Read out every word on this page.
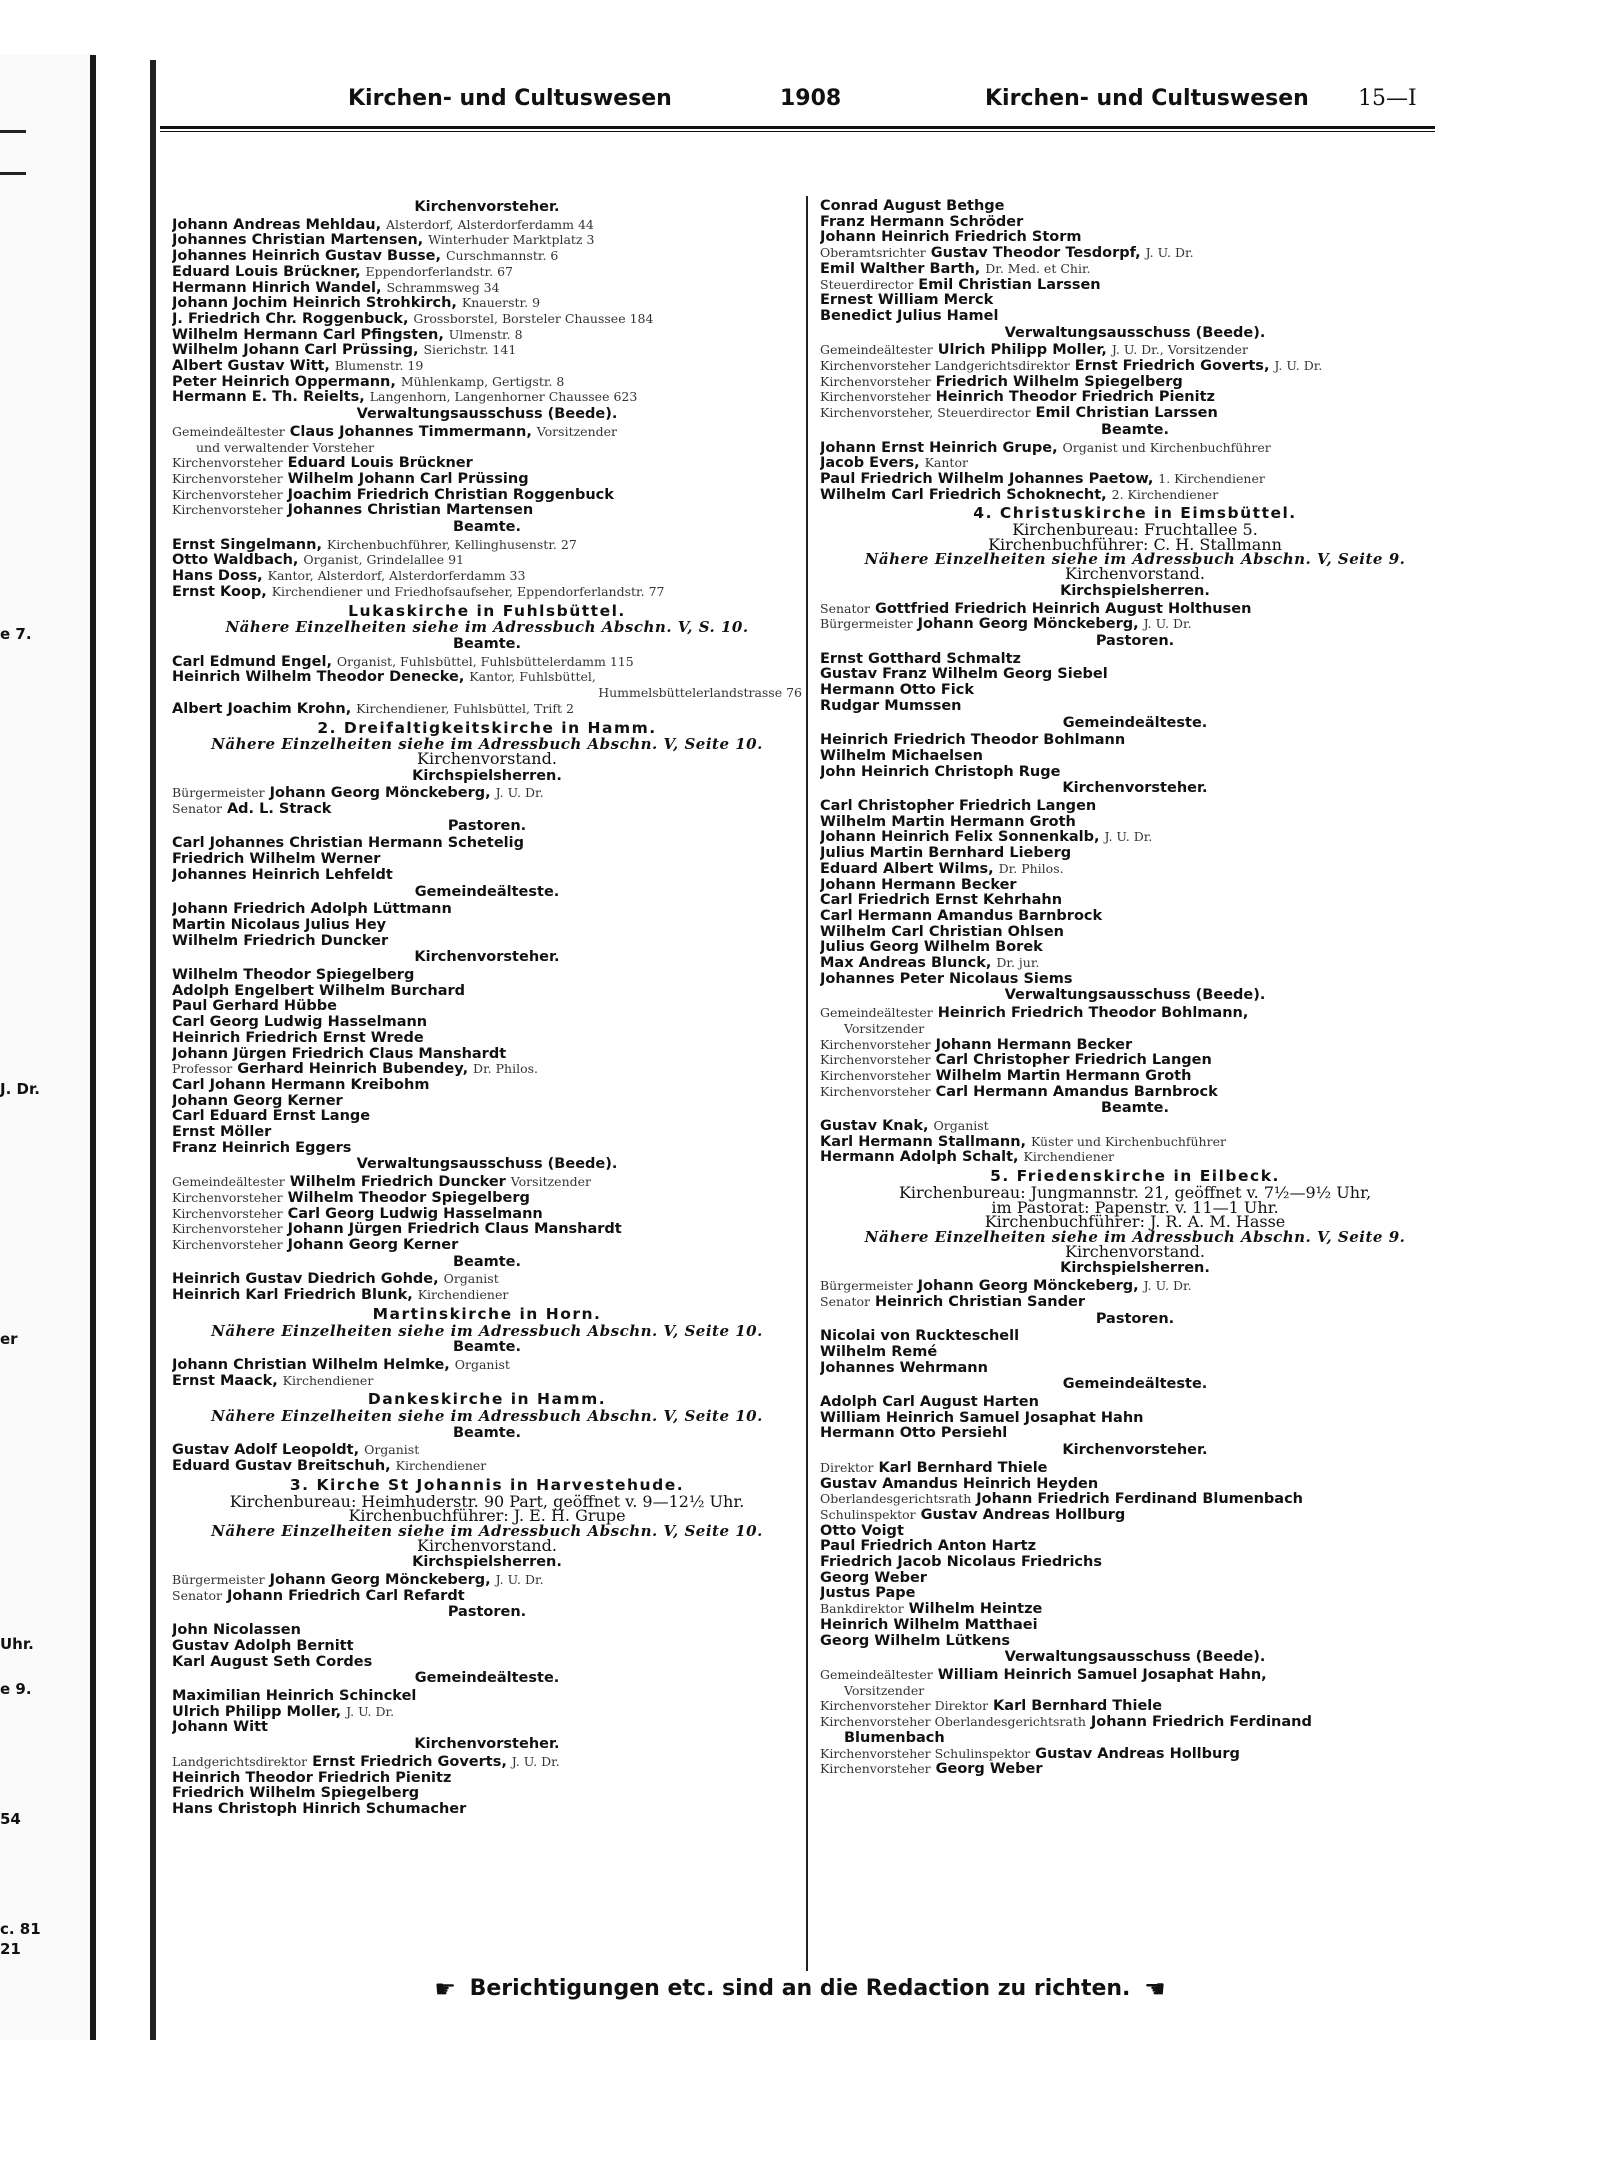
e 7.
J. Dr.
er
Uhr.
e 9.
54
c. 81
21
Kirchen- und Cultuswesen	1908	Kirchen- und Cultuswesen 15—I
Kirchenvorsteher.
Johann Andreas Mehldau, Alsterdorf, Alsterdorferdamm 44
Johannes Christian Martensen, Winterhuder Marktplatz 3
Johannes Heinrich Gustav Busse, Curschmannstr. 6
Eduard Louis Brückner, Eppendorferlandstr. 67
Hermann Hinrich Wandel, Schrammsweg 34
Johann Jochim Heinrich Strohkirch, Knauerstr. 9
J. Friedrich Chr. Roggenbuck, Grossborstel, Borsteler Chaussee 184
Wilhelm Hermann Carl Pfingsten, Ulmenstr. 8
Wilhelm Johann Carl Prüssing, Sierichstr. 141
Albert Gustav Witt, Blumenstr. 19
Peter Heinrich Oppermann, Mühlenkamp, Gertigstr. 8
Hermann E. Th. Reielts, Langenhorn, Langenhorner Chaussee 623
Verwaltungsausschuss (Beede).
Gemeindeältester Claus Johannes Timmermann, Vorsitzender
und verwaltender Vorsteher
Kirchenvorsteher Eduard Louis Brückner
Kirchenvorsteher Wilhelm Johann Carl Prüssing
Kirchenvorsteher Joachim Friedrich Christian Roggenbuck
Kirchenvorsteher Johannes Christian Martensen
Beamte.
Ernst Singelmann, Kirchenbuchführer, Kellinghusenstr. 27
Otto Waldbach, Organist, Grindelallee 91
Hans Doss, Kantor, Alsterdorf, Alsterdorferdamm 33
Ernst Koop, Kirchendiener und Friedhofsaufseher, Eppendorferlandstr. 77
Lukaskirche in Fuhlsbüttel.
Nähere Einzelheiten siehe im Adressbuch Abschn. V, S. 10.
Beamte.
Carl Edmund Engel, Organist, Fuhlsbüttel, Fuhlsbüttelerdamm 115
Heinrich Wilhelm Theodor Denecke, Kantor, Fuhlsbüttel,
Hummelsbüttelerlandstrasse 76
Albert Joachim Krohn, Kirchendiener, Fuhlsbüttel, Trift 2
2. Dreifaltigkeitskirche in Hamm.
Nähere Einzelheiten siehe im Adressbuch Abschn. V, Seite 10.
Kirchenvorstand.
Kirchspielsherren.
Bürgermeister Johann Georg Mönckeberg, J. U. Dr.
Senator Ad. L. Strack
Pastoren.
Carl Johannes Christian Hermann Schetelig
Friedrich Wilhelm Werner
Johannes Heinrich Lehfeldt
Gemeindeälteste.
Johann Friedrich Adolph Lüttmann
Martin Nicolaus Julius Hey
Wilhelm Friedrich Duncker
Kirchenvorsteher.
Wilhelm Theodor Spiegelberg
Adolph Engelbert Wilhelm Burchard
Paul Gerhard Hübbe
Carl Georg Ludwig Hasselmann
Heinrich Friedrich Ernst Wrede
Johann Jürgen Friedrich Claus Manshardt
Professor Gerhard Heinrich Bubendey, Dr. Philos.
Carl Johann Hermann Kreibohm
Johann Georg Kerner
Carl Eduard Ernst Lange
Ernst Möller
Franz Heinrich Eggers
Verwaltungsausschuss (Beede).
Gemeindeältester Wilhelm Friedrich Duncker Vorsitzender
Kirchenvorsteher Wilhelm Theodor Spiegelberg
Kirchenvorsteher Carl Georg Ludwig Hasselmann
Kirchenvorsteher Johann Jürgen Friedrich Claus Manshardt
Kirchenvorsteher Johann Georg Kerner
Beamte.
Heinrich Gustav Diedrich Gohde, Organist
Heinrich Karl Friedrich Blunk, Kirchendiener
Martinskirche in Horn.
Nähere Einzelheiten siehe im Adressbuch Abschn. V, Seite 10.
Beamte.
Johann Christian Wilhelm Helmke, Organist
Ernst Maack, Kirchendiener
Dankeskirche in Hamm.
Nähere Einzelheiten siehe im Adressbuch Abschn. V, Seite 10.
Beamte.
Gustav Adolf Leopoldt, Organist
Eduard Gustav Breitschuh, Kirchendiener
3. Kirche St Johannis in Harvestehude.
Kirchenbureau: Heimhuderstr. 90 Part, geöffnet v. 9—12½ Uhr.
Kirchenbuchführer: J. E. H. Grupe
Nähere Einzelheiten siehe im Adressbuch Abschn. V, Seite 10.
Kirchenvorstand.
Kirchspielsherren.
Bürgermeister Johann Georg Mönckeberg, J. U. Dr.
Senator Johann Friedrich Carl Refardt
Pastoren.
John Nicolassen
Gustav Adolph Bernitt
Karl August Seth Cordes
Gemeindeälteste.
Maximilian Heinrich Schinckel
Ulrich Philipp Moller, J. U. Dr.
Johann Witt
Kirchenvorsteher.
Landgerichtsdirektor Ernst Friedrich Goverts, J. U. Dr.
Heinrich Theodor Friedrich Pienitz
Friedrich Wilhelm Spiegelberg
Hans Christoph Hinrich Schumacher
Conrad August Bethge
Franz Hermann Schröder
Johann Heinrich Friedrich Storm
Oberamtsrichter Gustav Theodor Tesdorpf, J. U. Dr.
Emil Walther Barth, Dr. Med. et Chir.
Steuerdirector Emil Christian Larssen
Ernest William Merck
Benedict Julius Hamel
Verwaltungsausschuss (Beede).
Gemeindeältester Ulrich Philipp Moller, J. U. Dr., Vorsitzender
Kirchenvorsteher Landgerichtsdirektor Ernst Friedrich Goverts, J. U. Dr.
Kirchenvorsteher Friedrich Wilhelm Spiegelberg
Kirchenvorsteher Heinrich Theodor Friedrich Pienitz
Kirchenvorsteher, Steuerdirector Emil Christian Larssen
Beamte.
Johann Ernst Heinrich Grupe, Organist und Kirchenbuchführer
Jacob Evers, Kantor
Paul Friedrich Wilhelm Johannes Paetow, 1. Kirchendiener
Wilhelm Carl Friedrich Schoknecht, 2. Kirchendiener
4. Christuskirche in Eimsbüttel.
Kirchenbureau: Fruchtallee 5.
Kirchenbuchführer: C. H. Stallmann
Nähere Einzelheiten siehe im Adressbuch Abschn. V, Seite 9.
Kirchenvorstand.
Kirchspielsherren.
Senator Gottfried Friedrich Heinrich August Holthusen
Bürgermeister Johann Georg Mönckeberg, J. U. Dr.
Pastoren.
Ernst Gotthard Schmaltz
Gustav Franz Wilhelm Georg Siebel
Hermann Otto Fick
Rudgar Mumssen
Gemeindeälteste.
Heinrich Friedrich Theodor Bohlmann
Wilhelm Michaelsen
John Heinrich Christoph Ruge
Kirchenvorsteher.
Carl Christopher Friedrich Langen
Wilhelm Martin Hermann Groth
Johann Heinrich Felix Sonnenkalb, J. U. Dr.
Julius Martin Bernhard Lieberg
Eduard Albert Wilms, Dr. Philos.
Johann Hermann Becker
Carl Friedrich Ernst Kehrhahn
Carl Hermann Amandus Barnbrock
Wilhelm Carl Christian Ohlsen
Julius Georg Wilhelm Borek
Max Andreas Blunck, Dr. jur.
Johannes Peter Nicolaus Siems
Verwaltungsausschuss (Beede).
Gemeindeältester Heinrich Friedrich Theodor Bohlmann,
Vorsitzender
Kirchenvorsteher Johann Hermann Becker
Kirchenvorsteher Carl Christopher Friedrich Langen
Kirchenvorsteher Wilhelm Martin Hermann Groth
Kirchenvorsteher Carl Hermann Amandus Barnbrock
Beamte.
Gustav Knak, Organist
Karl Hermann Stallmann, Küster und Kirchenbuchführer
Hermann Adolph Schalt, Kirchendiener
5. Friedenskirche in Eilbeck.
Kirchenbureau: Jungmannstr. 21, geöffnet v. 7½—9½ Uhr,
im Pastorat: Papenstr. v. 11—1 Uhr.
Kirchenbuchführer: J. R. A. M. Hasse
Nähere Einzelheiten siehe im Adressbuch Abschn. V, Seite 9.
Kirchenvorstand.
Kirchspielsherren.
Bürgermeister Johann Georg Mönckeberg, J. U. Dr.
Senator Heinrich Christian Sander
Pastoren.
Nicolai von Ruckteschell
Wilhelm Remé
Johannes Wehrmann
Gemeindeälteste.
Adolph Carl August Harten
William Heinrich Samuel Josaphat Hahn
Hermann Otto Persiehl
Kirchenvorsteher.
Direktor Karl Bernhard Thiele
Gustav Amandus Heinrich Heyden
Oberlandesgerichtsrath Johann Friedrich Ferdinand Blumenbach
Schulinspektor Gustav Andreas Hollburg
Otto Voigt
Paul Friedrich Anton Hartz
Friedrich Jacob Nicolaus Friedrichs
Georg Weber
Justus Pape
Bankdirektor Wilhelm Heintze
Heinrich Wilhelm Matthaei
Georg Wilhelm Lütkens
Verwaltungsausschuss (Beede).
Gemeindeältester William Heinrich Samuel Josaphat Hahn,
Vorsitzender
Kirchenvorsteher Direktor Karl Bernhard Thiele
Kirchenvorsteher Oberlandesgerichtsrath Johann Friedrich Ferdinand
Blumenbach
Kirchenvorsteher Schulinspektor Gustav Andreas Hollburg
Kirchenvorsteher Georg Weber
☛ Berichtigungen etc. sind an die Redaction zu richten. ☚
